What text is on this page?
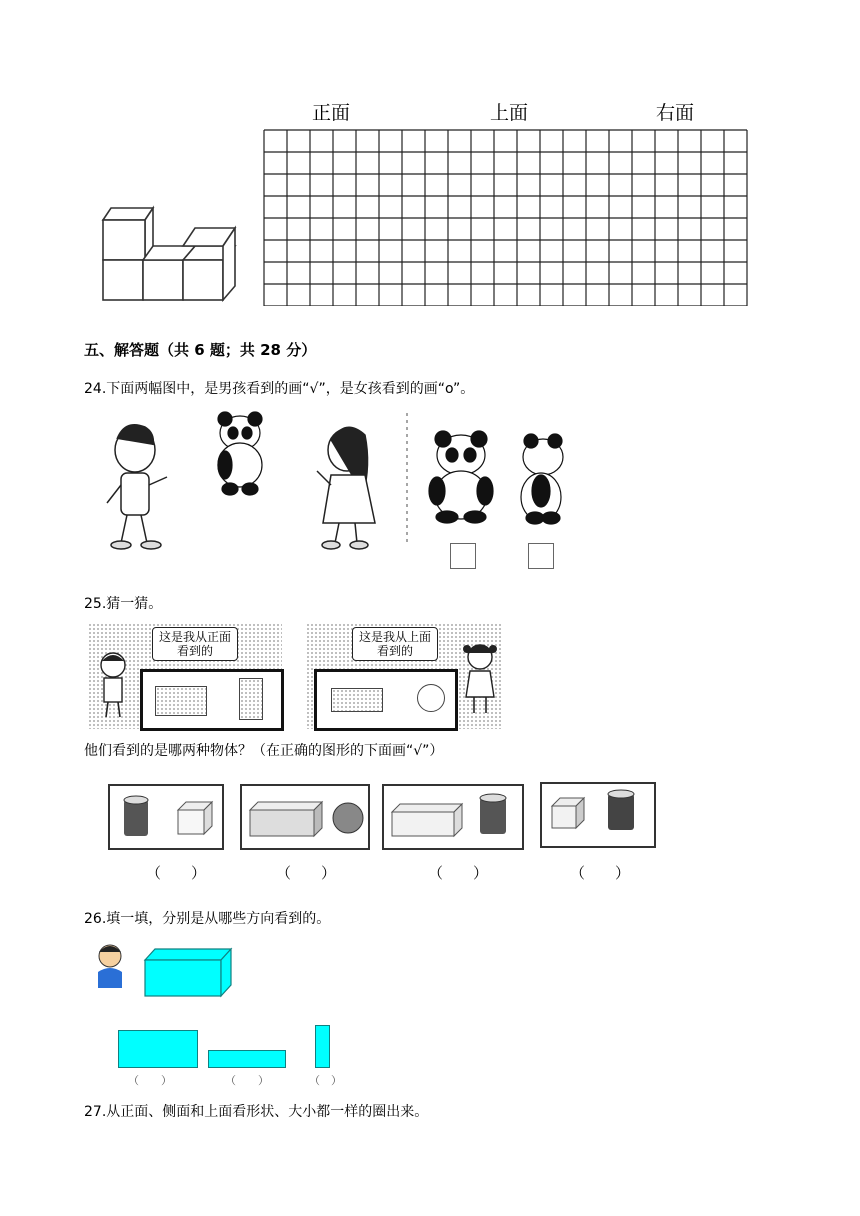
正面	上面	右面
五、解答题（共 6 题；共 28 分）
24.下面两幅图中，是男孩看到的画“√”，是女孩看到的画“o”。
25.猜一猜。
这是我从正面看到的
这是我从上面看到的
他们看到的是哪两种物体？（在正确的图形的下面画“√”）
（　　）	（　　）	（　　）	（　　）
26.填一填，分别是从哪些方向看到的。
（　　）	（　　）	（　）
27.从正面、侧面和上面看形状、大小都一样的圈出来。
